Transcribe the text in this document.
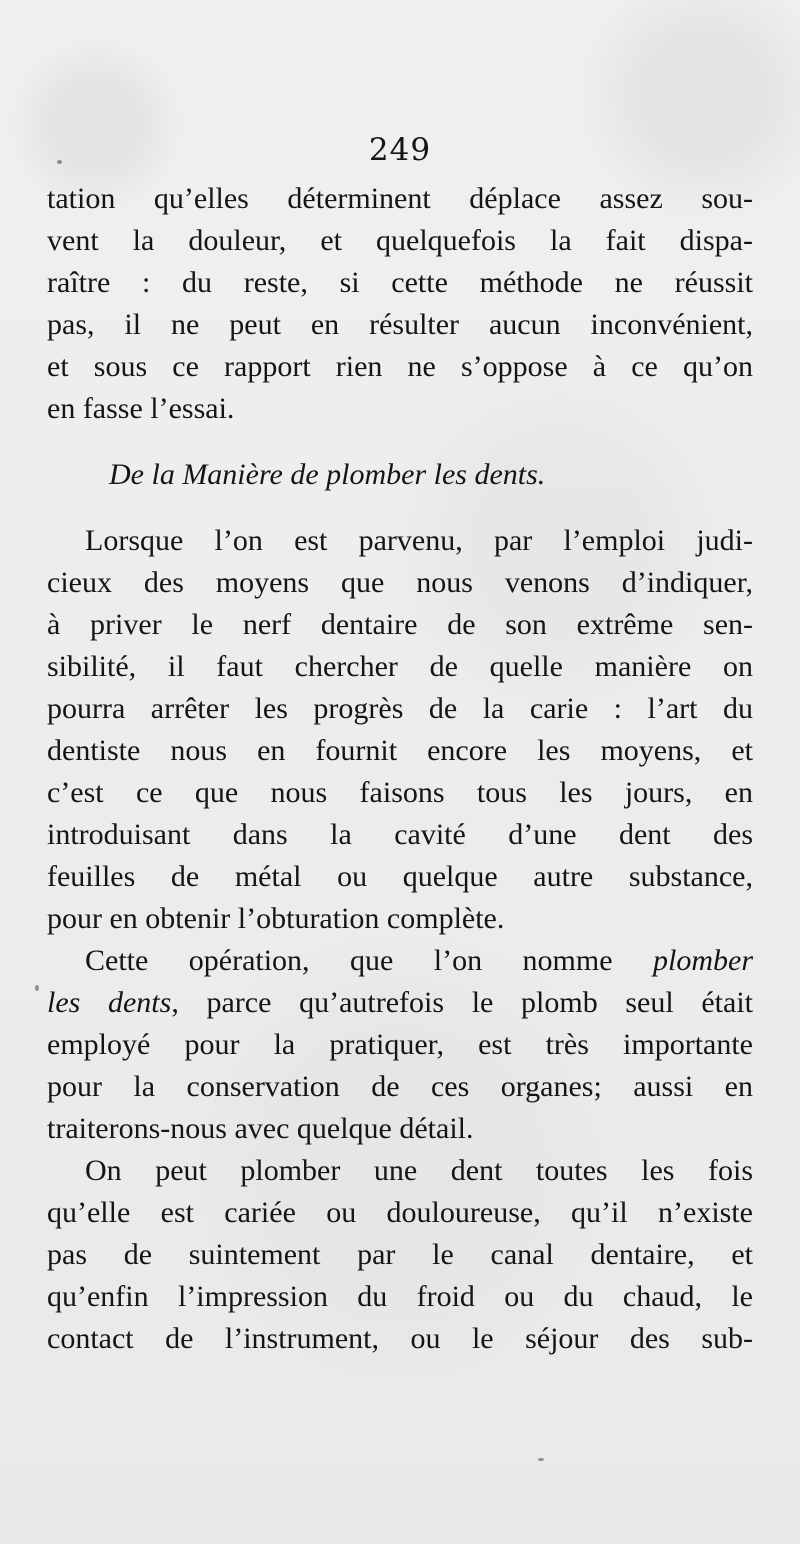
249
tation qu’elles déterminent déplace assez sou-
vent la douleur, et quelquefois la fait dispa-
raître : du reste, si cette méthode ne réussit
pas, il ne peut en résulter aucun inconvénient,
et sous ce rapport rien ne s’oppose à ce qu’on
en fasse l’essai.
De la Manière de plomber les dents.
Lorsque l’on est parvenu, par l’emploi judi-
cieux des moyens que nous venons d’indiquer,
à priver le nerf dentaire de son extrême sen-
sibilité, il faut chercher de quelle manière on
pourra arrêter les progrès de la carie : l’art du
dentiste nous en fournit encore les moyens, et
c’est ce que nous faisons tous les jours, en
introduisant dans la cavité d’une dent des
feuilles de métal ou quelque autre substance,
pour en obtenir l’obturation complète.
Cette opération, que l’on nomme plomber
les dents, parce qu’autrefois le plomb seul était
employé pour la pratiquer, est très importante
pour la conservation de ces organes; aussi en
traiterons-nous avec quelque détail.
On peut plomber une dent toutes les fois
qu’elle est cariée ou douloureuse, qu’il n’existe
pas de suintement par le canal dentaire, et
qu’enfin l’impression du froid ou du chaud, le
contact de l’instrument, ou le séjour des sub-
